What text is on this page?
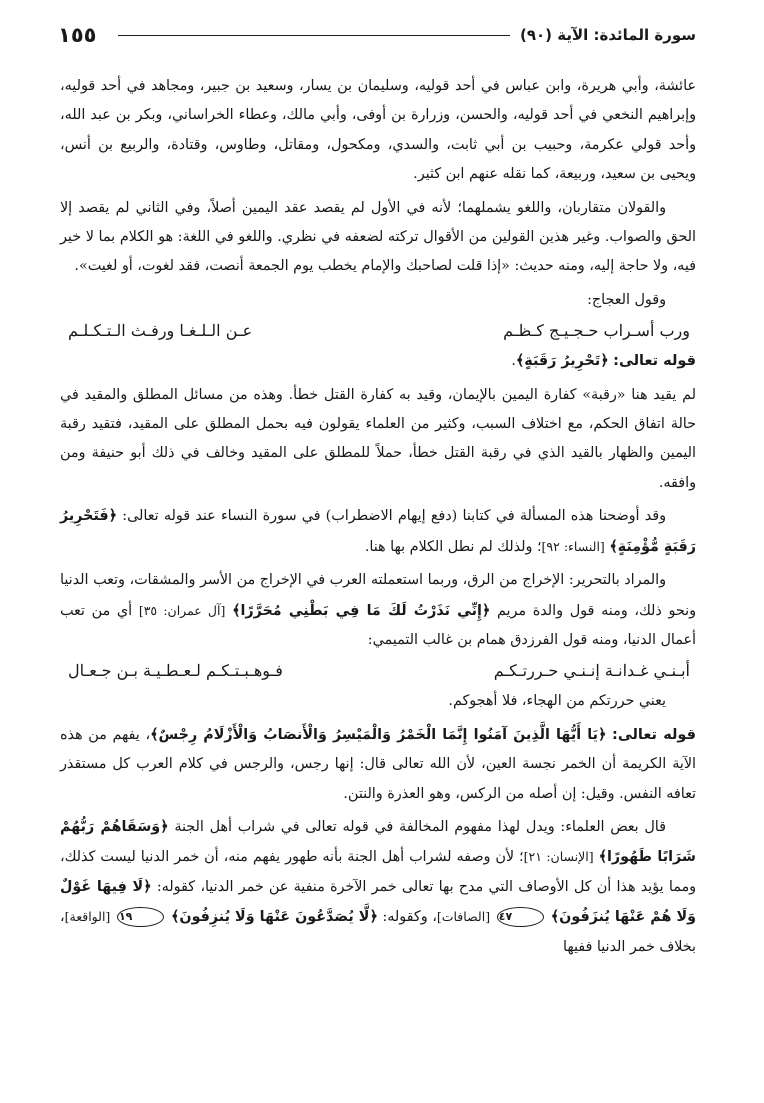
١٥٥	سورة المائدة: الآية (٩٠)

عائشة، وأبي هريرة، وابن عباس في أحد قوليه، وسليمان بن يسار، وسعيد بن جبير، ومجاهد في أحد قوليه، وإبراهيم النخعي في أحد قوليه، والحسن، وزرارة بن أوفى، وأبي مالك، وعطاء الخراساني، وبكر بن عبد الله، وأحد قولي عكرمة، وحبيب بن أبي ثابت، والسدي، ومكحول، ومقاتل، وطاوس، وقتادة، والربيع بن أنس، ويحيى بن سعيد، وربيعة، كما نقله عنهم ابن كثير.

والقولان متقاربان، واللغو يشملهما؛ لأنه في الأول لم يقصد عقد اليمين أصلاً، وفي الثاني لم يقصد إلا الحق والصواب. وغير هذين القولين من الأقوال تركته لضعفه في نظري. واللغو في اللغة: هو الكلام بما لا خير فيه، ولا حاجة إليه، ومنه حديث: «إذا قلت لصاحبك والإمام يخطب يوم الجمعة أنصت، فقد لغوت، أو لغيت».

وقول العجاج:

ورب أسـراب حـجـيـج كـظـم
عـن الـلـغـا ورفـث الـتـكـلـم

قوله تعالى: ﴿تَحْرِيرُ رَقَبَةٍ﴾.

لم يقيد هنا «رقبة» كفارة اليمين بالإيمان، وقيد به كفارة القتل خطأ. وهذه من مسائل المطلق والمقيد في حالة اتفاق الحكم، مع اختلاف السبب، وكثير من العلماء يقولون فيه بحمل المطلق على المقيد، فتقيد رقبة اليمين والظهار بالقيد الذي في رقبة القتل خطأ، حملاً للمطلق على المقيد وخالف في ذلك أبو حنيفة ومن وافقه.

وقد أوضحنا هذه المسألة في كتابنا (دفع إيهام الاضطراب) في سورة النساء عند قوله تعالى: ﴿فَتَحْرِيرُ رَقَبَةٍ مُّؤْمِنَةٍ﴾ [النساء: ٩٢]؛ ولذلك لم نطل الكلام بها هنا.

والمراد بالتحرير: الإخراج من الرق، وربما استعملته العرب في الإخراج من الأسر والمشقات، وتعب الدنيا ونحو ذلك، ومنه قول والدة مريم ﴿إِنِّي نَذَرْتُ لَكَ مَا فِي بَطْنِي مُحَرَّرًا﴾ [آل عمران: ٣٥] أي من تعب أعمال الدنيا، ومنه قول الفرزدق همام بن غالب التميمي:

أبـنـي غـدانـة إنـنـي حـررتـكـم
فـوهـبـتـكـم لـعـطـيـة بـن جـعـال

يعني حررتكم من الهجاء، فلا أهجوكم.

قوله تعالى: ﴿يَا أَيُّهَا الَّذِينَ آمَنُوا إِنَّمَا الْخَمْرُ وَالْمَيْسِرُ وَالْأَنصَابُ وَالْأَزْلَامُ رِجْسٌ﴾، يفهم من هذه الآية الكريمة أن الخمر نجسة العين، لأن الله تعالى قال: إنها رجس، والرجس في كلام العرب كل مستقذر تعافه النفس. وقيل: إن أصله من الركس، وهو العذرة والنتن.

قال بعض العلماء: ويدل لهذا مفهوم المخالفة في قوله تعالى في شراب أهل الجنة ﴿وَسَقَاهُمْ رَبُّهُمْ شَرَابًا طَهُورًا﴾ [الإنسان: ٢١]؛ لأن وصفه لشراب أهل الجنة بأنه طهور يفهم منه، أن خمر الدنيا ليست كذلك، ومما يؤيد هذا أن كل الأوصاف التي مدح بها تعالى خمر الآخرة منفية عن خمر الدنيا، كقوله: ﴿لَا فِيهَا غَوْلٌ وَلَا هُمْ عَنْهَا يُنزَفُونَ﴾ ٤٧ [الصافات]، وكقوله: ﴿لَّا يُصَدَّعُونَ عَنْهَا وَلَا يُنزِفُونَ﴾ ١٩ [الواقعة]، بخلاف خمر الدنيا ففيها
